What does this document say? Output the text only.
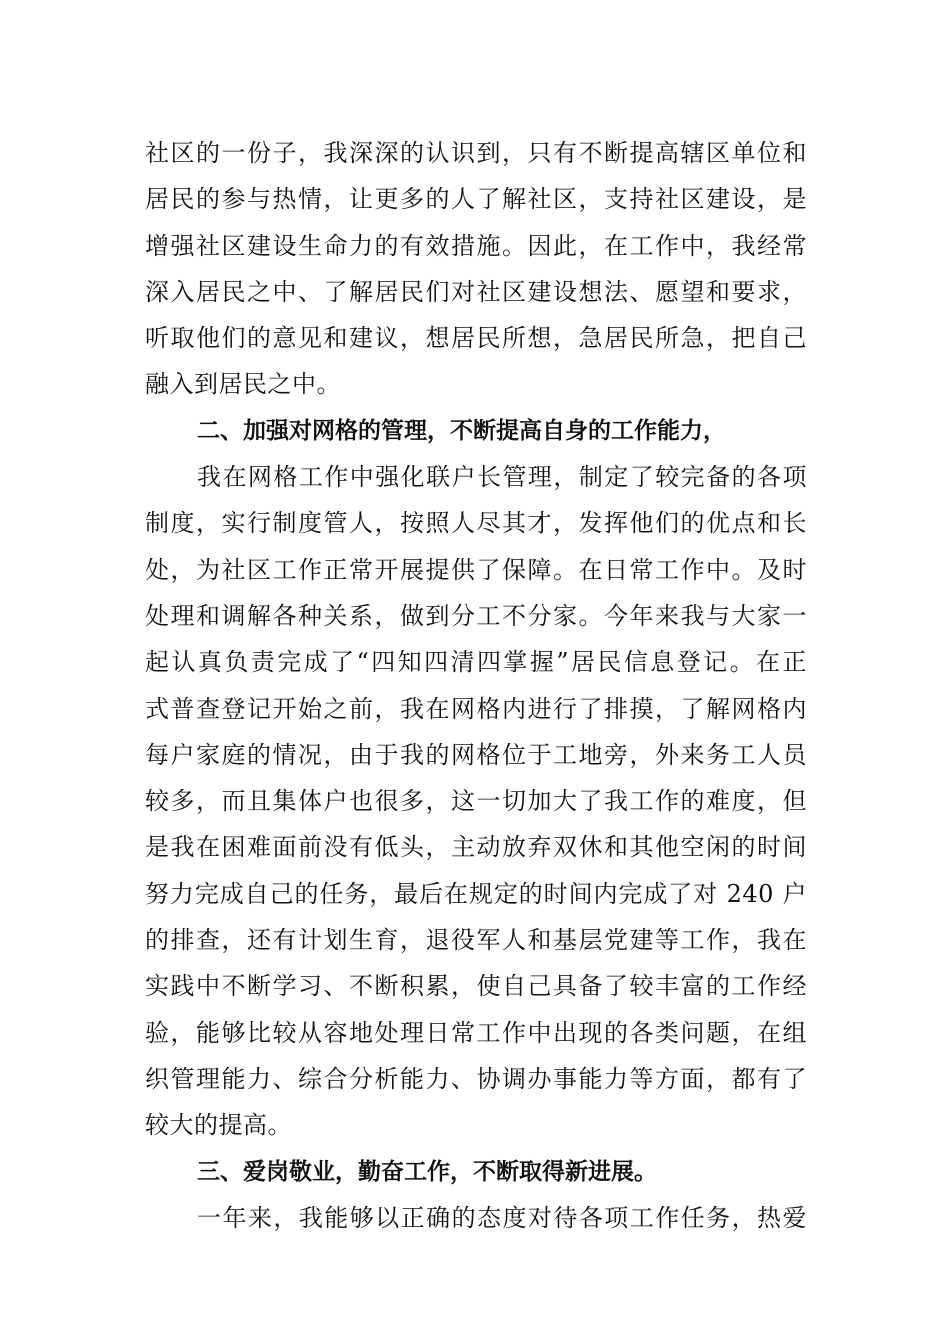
社区的一份子，我深深的认识到，只有不断提高辖区单位和
居民的参与热情，让更多的人了解社区，支持社区建设，是
增强社区建设生命力的有效措施。因此，在工作中，我经常
深入居民之中、了解居民们对社区建设想法、愿望和要求，
听取他们的意见和建议，想居民所想，急居民所急，把自己
融入到居民之中。
二、加强对网格的管理，不断提高自身的工作能力，
我在网格工作中强化联户长管理，制定了较完备的各项
制度，实行制度管人，按照人尽其才，发挥他们的优点和长
处，为社区工作正常开展提供了保障。在日常工作中。及时
处理和调解各种关系，做到分工不分家。今年来我与大家一
起认真负责完成了“四知四清四掌握”居民信息登记。在正
式普查登记开始之前，我在网格内进行了排摸，了解网格内
每户家庭的情况，由于我的网格位于工地旁，外来务工人员
较多，而且集体户也很多，这一切加大了我工作的难度，但
是我在困难面前没有低头，主动放弃双休和其他空闲的时间
努力完成自己的任务，最后在规定的时间内完成了对 240 户
的排查，还有计划生育，退役军人和基层党建等工作，我在
实践中不断学习、不断积累，使自己具备了较丰富的工作经
验，能够比较从容地处理日常工作中出现的各类问题，在组
织管理能力、综合分析能力、协调办事能力等方面，都有了
较大的提高。
三、爱岗敬业，勤奋工作，不断取得新进展。
一年来，我能够以正确的态度对待各项工作任务，热爱
